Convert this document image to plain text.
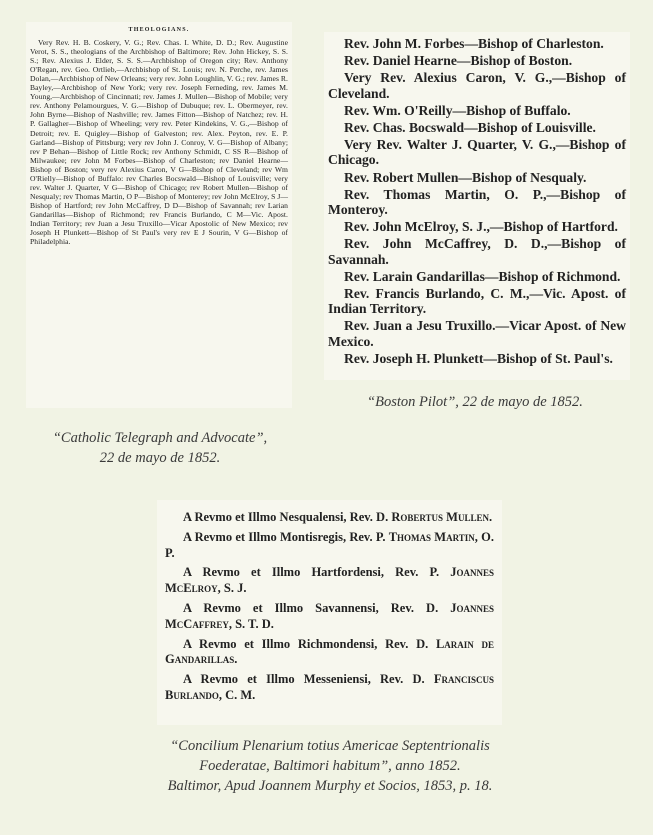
THEOLOGIANS.
Very Rev. H. B. Coskery, V. G.; Rev. Chas. I. White, D. D.; Rev. Augustine Verot, S. S., theologians of the Archbishop of Baltimore; Rev. John Hickey, S. S. S.; Rev. Alexius J. Elder, S. S. S.—Archbishop of Oregon city; Rev. Anthony O'Regan, rev. Geo. Ortlieb,—Archbishop of St. Louis; rev. N. Perche, rev. James Dolan,—Archbishop of New Orleans; very rev. John Loughlin, V. G.; rev. James R. Bayley,—Archbishop of New York; very rev. Joseph Ferneding, rev. James M. Young,—Archbishop of Cincinnati; rev. James J. Mullen—Bishop of Mobile; very rev. Anthony Pelamourgues, V. G.—Bishop of Dubuque; rev. L. Obermeyer, rev. John Byrne—Bishop of Nashville; rev. James Fitton—Bishop of Natchez; rev. H. P. Gallagher—Bishop of Wheeling; very rev. Peter Kindekins, V. G.,—Bishop of Detroit; rev. E. Quigley—Bishop of Galveston; rev. Alex. Peyton, rev. E. P. Garland—Bishop of Pittsburg; very rev John J. Conroy, V. G—Bishop of Albany; rev P Behan—Bishop of Little Rock; rev Anthony Schmidt, C SS R—Bishop of Milwaukee; rev John M Forbes—Bishop of Charleston; rev Daniel Hearne—Bishop of Boston; very rev Alexius Caron, V G—Bishop of Cleveland; rev Wm O'Rielly—Bishop of Buffalo: rev Charles Bocswald—Bishop of Louisville; very rev. Walter J. Quarter, V G—Bishop of Chicago; rev Robert Mullen—Bishop of Nesqualy; rev Thomas Martin, O P—Bishop of Monterey; rev John McElroy, S J—Bishop of Hartford; rev John McCaffrey, D D—Bishop of Savannah; rev Larian Gandarillas—Bishop of Richmond; rev Francis Burlando, C M—Vic. Apost. Indian Territory; rev Juan a Jesu Truxillo—Vicar Apostolic of New Mexico; rev Joseph H Plunkett—Bishop of St Paul's very rev E J Sourin, V G—Bishop of Philadelphia.
“Catholic Telegraph and Advocate”,
22 de mayo de 1852.

Rev. John M. Forbes—Bishop of Charleston.

Rev. Daniel Hearne—Bishop of Boston.

Very Rev. Alexius Caron, V. G.,—Bishop of Cleveland.

Rev. Wm. O'Reilly—Bishop of Buffalo.

Rev. Chas. Bocswald—Bishop of Louisville.

Very Rev. Walter J. Quarter, V. G.,—Bishop of Chicago.

Rev. Robert Mullen—Bishop of Nesqualy.

Rev. Thomas Martin, O. P.,—Bishop of Monteroy.

Rev. John McElroy, S. J.,—Bishop of Hartford.

Rev. John McCaffrey, D. D.,—Bishop of Savannah.

Rev. Larain Gandarillas—Bishop of Richmond.

Rev. Francis Burlando, C. M.,—Vic. Apost. of Indian Territory.

Rev. Juan a Jesu Truxillo.—Vicar Apost. of New Mexico.

Rev. Joseph H. Plunkett—Bishop of St. Paul's.

“Boston Pilot”, 22 de mayo de 1852.

A Revmo et Illmo Nesqualensi, Rev. D. Robertus Mullen.

A Revmo et Illmo Montisregis, Rev. P. Thomas Martin, O. P.

A Revmo et Illmo Hartfordensi, Rev. P. Joannes McElroy, S. J.

A Revmo et Illmo Savannensi, Rev. D. Joannes McCaffrey, S. T. D.

A Revmo et Illmo Richmondensi, Rev. D. Larain de Gandarillas.

A Revmo et Illmo Messeniensi, Rev. D. Franciscus Burlando, C. M.

“Concilium Plenarium totius Americae Septentrionalis
Foederatae, Baltimori habitum”, anno 1852.
Baltimor, Apud Joannem Murphy et Socios, 1853, p. 18.
